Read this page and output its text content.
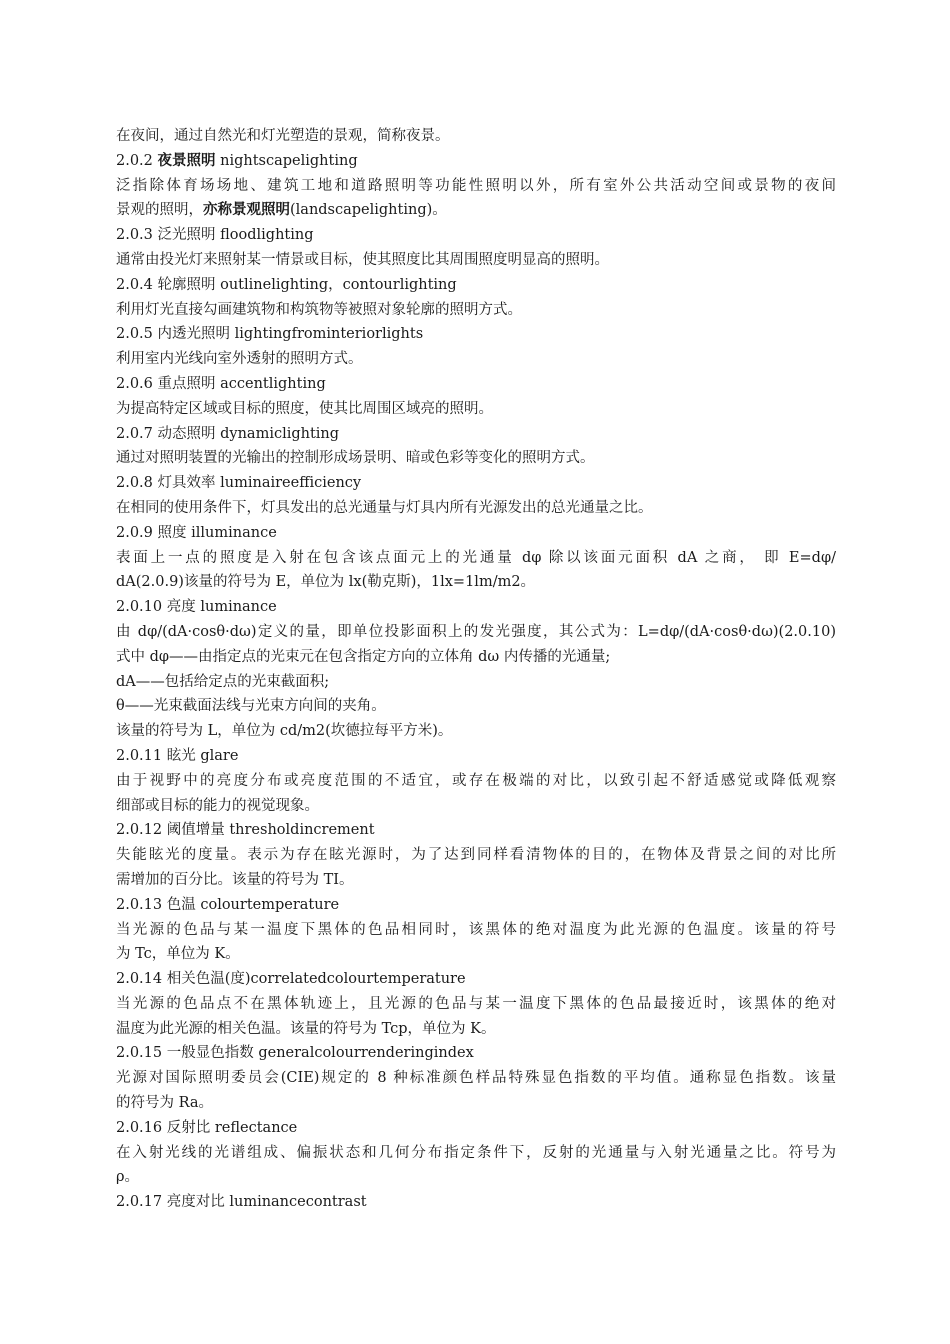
在夜间，通过自然光和灯光塑造的景观，简称夜景。
2.0.2 夜景照明 nightscapelighting
泛指除体育场场地、建筑工地和道路照明等功能性照明以外，所有室外公共活动空间或景物的夜间
景观的照明，亦称景观照明(landscapelighting)。
2.0.3 泛光照明 floodlighting
通常由投光灯来照射某一情景或目标，使其照度比其周围照度明显高的照明。
2.0.4 轮廓照明 outlinelighting，contourlighting
利用灯光直接勾画建筑物和构筑物等被照对象轮廓的照明方式。
2.0.5 内透光照明 lightingfrominteriorlights
利用室内光线向室外透射的照明方式。
2.0.6 重点照明 accentlighting
为提高特定区域或目标的照度，使其比周围区域亮的照明。
2.0.7 动态照明 dynamiclighting
通过对照明装置的光输出的控制形成场景明、暗或色彩等变化的照明方式。
2.0.8 灯具效率 luminaireefficiency
在相同的使用条件下，灯具发出的总光通量与灯具内所有光源发出的总光通量之比。
2.0.9 照度 illuminance
表面上一点的照度是入射在包含该点面元上的光通量 dφ 除以该面元面积 dA 之商， 即 E=dφ/
dA(2.0.9)该量的符号为 E，单位为 lx(勒克斯)，1lx=1lm/m2。
2.0.10 亮度 luminance
由 dφ/(dA·cosθ·dω)定义的量，即单位投影面积上的发光强度，其公式为：L=dφ/(dA·cosθ·dω)(2.0.10)
式中 dφ——由指定点的光束元在包含指定方向的立体角 dω 内传播的光通量;
dA——包括给定点的光束截面积;
θ——光束截面法线与光束方向间的夹角。
该量的符号为 L，单位为 cd/m2(坎德拉每平方米)。
2.0.11 眩光 glare
由于视野中的亮度分布或亮度范围的不适宜，或存在极端的对比，以致引起不舒适感觉或降低观察
细部或目标的能力的视觉现象。
2.0.12 阈值增量 thresholdincrement
失能眩光的度量。表示为存在眩光源时，为了达到同样看清物体的目的，在物体及背景之间的对比所
需增加的百分比。该量的符号为 TI。
2.0.13 色温 colourtemperature
当光源的色品与某一温度下黑体的色品相同时，该黑体的绝对温度为此光源的色温度。该量的符号
为 Tc，单位为 K。
2.0.14 相关色温(度)correlatedcolourtemperature
当光源的色品点不在黑体轨迹上，且光源的色品与某一温度下黑体的色品最接近时，该黑体的绝对
温度为此光源的相关色温。该量的符号为 Tcp，单位为 K。
2.0.15 一般显色指数 generalcolourrenderingindex
光源对国际照明委员会(CIE)规定的 8 种标准颜色样品特殊显色指数的平均值。通称显色指数。该量
的符号为 Ra。
2.0.16 反射比 reflectance
在入射光线的光谱组成、偏振状态和几何分布指定条件下，反射的光通量与入射光通量之比。符号为
ρ。
2.0.17 亮度对比 luminancecontrast
